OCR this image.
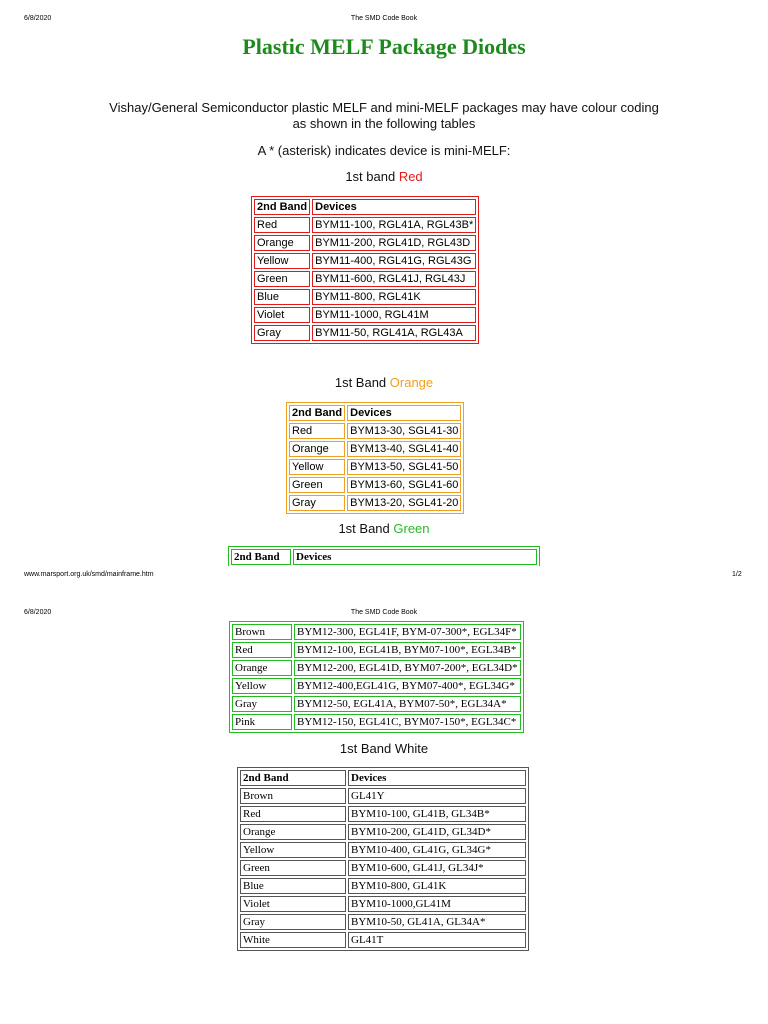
6/8/2020	The SMD Code Book
Plastic MELF Package Diodes
Vishay/General Semiconductor plastic MELF and mini-MELF packages may have colour coding
as shown in the following tables
A * (asterisk) indicates device is mini-MELF:
1st band Red
2nd Band	Devices
Red	BYM11-100, RGL41A, RGL43B*
Orange	BYM11-200, RGL41D, RGL43D
Yellow	BYM11-400, RGL41G, RGL43G
Green	BYM11-600, RGL41J, RGL43J
Blue	BYM11-800, RGL41K
Violet	BYM11-1000, RGL41M
Gray	BYM11-50, RGL41A, RGL43A
1st Band Orange
2nd Band	Devices
Red	BYM13-30, SGL41-30
Orange	BYM13-40, SGL41-40
Yellow	BYM13-50, SGL41-50
Green	BYM13-60, SGL41-60
Gray	BYM13-20, SGL41-20
1st Band Green
2nd Band	Devices
www.marsport.org.uk/smd/mainframe.htm	1/2
6/8/2020	The SMD Code Book
Brown	BYM12-300, EGL41F, BYM-07-300*, EGL34F*
Red	BYM12-100, EGL41B, BYM07-100*, EGL34B*
Orange	BYM12-200, EGL41D, BYM07-200*, EGL34D*
Yellow	BYM12-400,EGL41G, BYM07-400*, EGL34G*
Gray	BYM12-50, EGL41A, BYM07-50*, EGL34A*
Pink	BYM12-150, EGL41C, BYM07-150*, EGL34C*
1st Band White
2nd Band	Devices
Brown	GL41Y
Red	BYM10-100, GL41B, GL34B*
Orange	BYM10-200, GL41D, GL34D*
Yellow	BYM10-400, GL41G, GL34G*
Green	BYM10-600, GL41J, GL34J*
Blue	BYM10-800, GL41K
Violet	BYM10-1000,GL41M
Gray	BYM10-50, GL41A, GL34A*
White	GL41T
